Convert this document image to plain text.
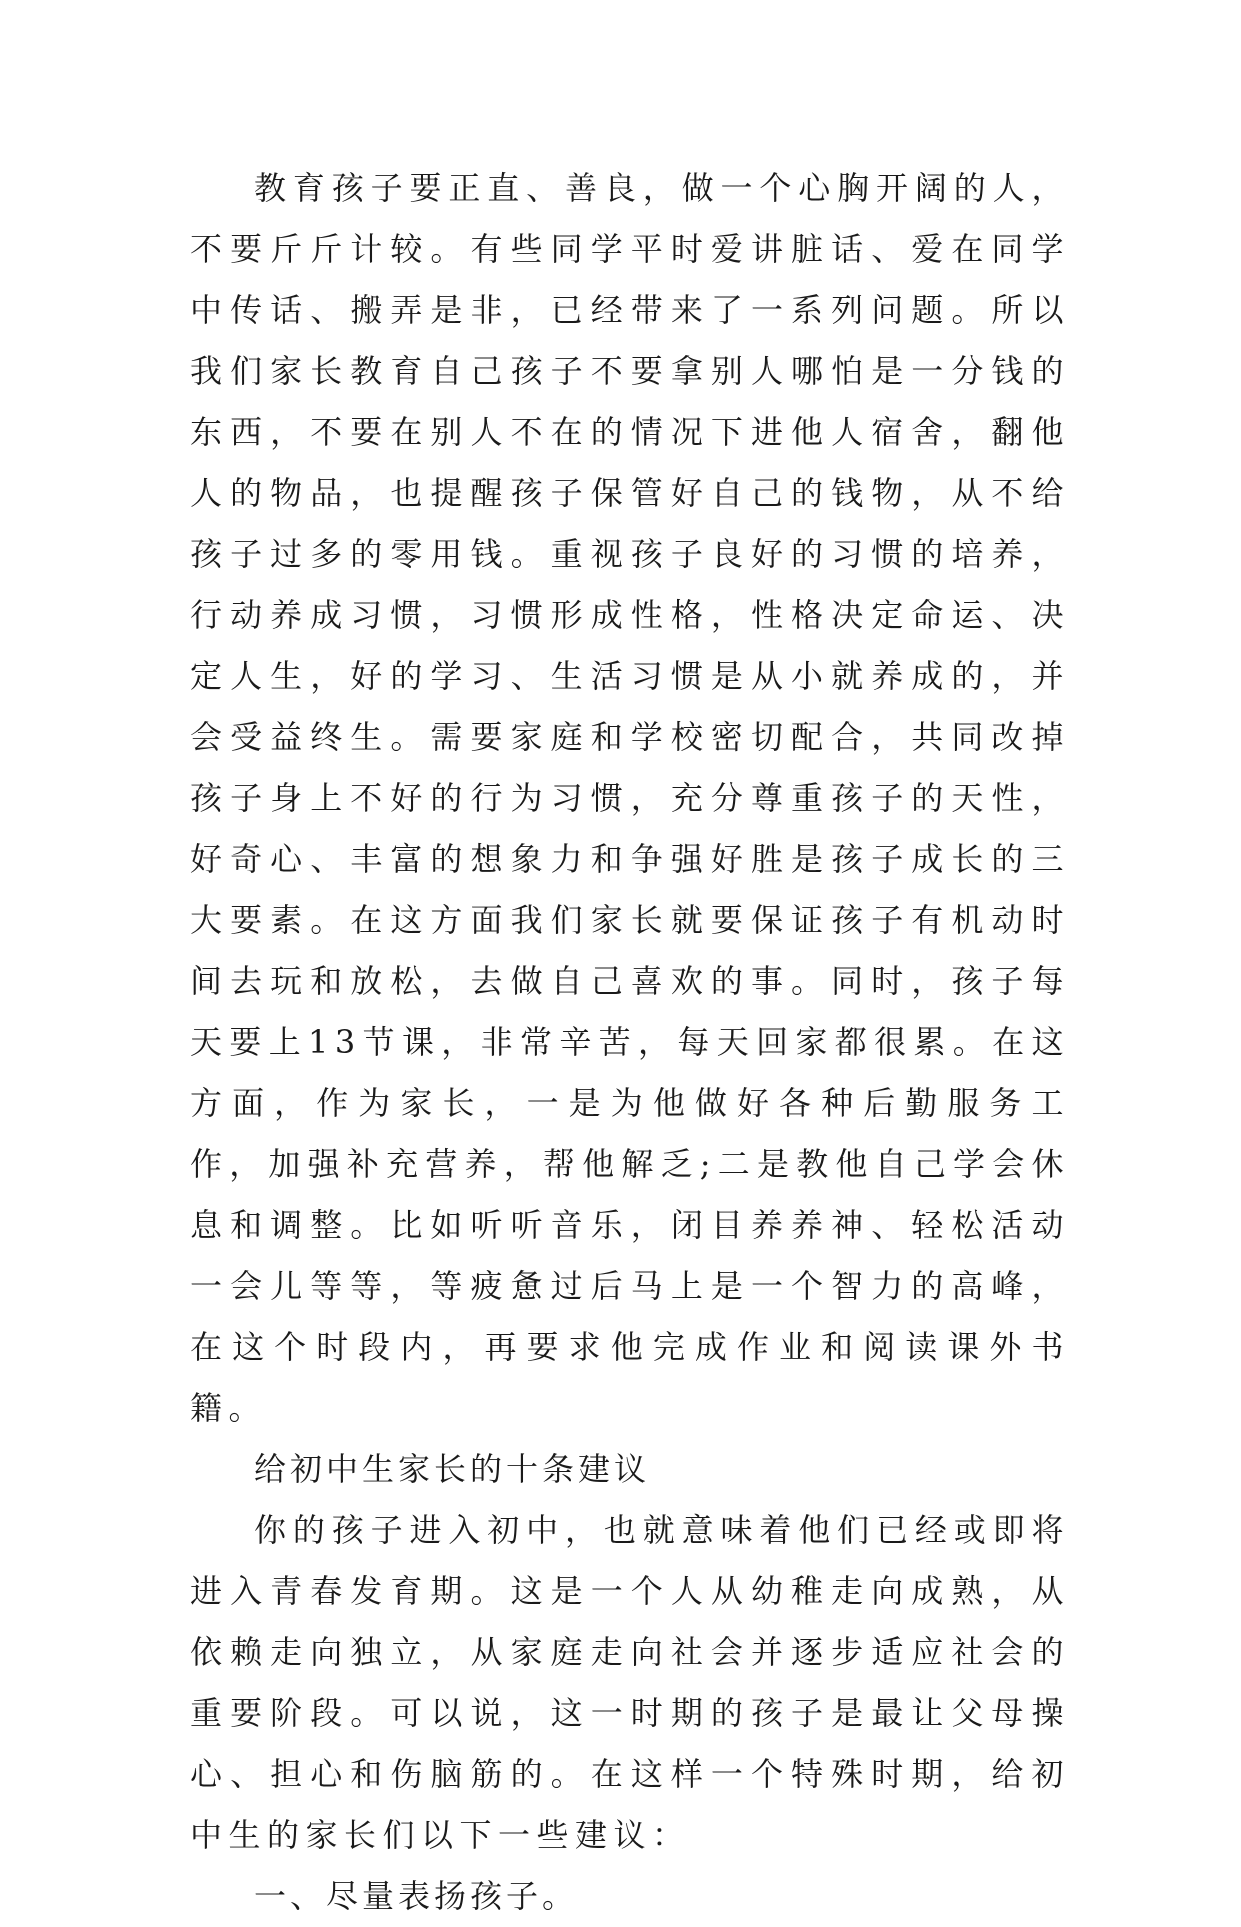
教育孩子要正直、善良，做一个心胸开阔的人，不要斤斤计较。有些同学平时爱讲脏话、爱在同学中传话、搬弄是非，已经带来了一系列问题。所以我们家长教育自己孩子不要拿别人哪怕是一分钱的东西，不要在别人不在的情况下进他人宿舍，翻他人的物品，也提醒孩子保管好自己的钱物，从不给孩子过多的零用钱。重视孩子良好的习惯的培养，行动养成习惯，习惯形成性格，性格决定命运、决定人生，好的学习、生活习惯是从小就养成的，并会受益终生。需要家庭和学校密切配合，共同改掉孩子身上不好的行为习惯，充分尊重孩子的天性，好奇心、丰富的想象力和争强好胜是孩子成长的三大要素。在这方面我们家长就要保证孩子有机动时间去玩和放松，去做自己喜欢的事。同时，孩子每天要上13节课，非常辛苦，每天回家都很累。在这方面，作为家长，一是为他做好各种后勤服务工作，加强补充营养，帮他解乏;二是教他自己学会休息和调整。比如听听音乐，闭目养养神、轻松活动一会儿等等，等疲惫过后马上是一个智力的高峰，在这个时段内，再要求他完成作业和阅读课外书籍。

给初中生家长的十条建议

你的孩子进入初中，也就意味着他们已经或即将进入青春发育期。这是一个人从幼稚走向成熟，从依赖走向独立，从家庭走向社会并逐步适应社会的重要阶段。可以说，这一时期的孩子是最让父母操心、担心和伤脑筋的。在这样一个特殊时期，给初中生的家长们以下一些建议：

一、尽量表扬孩子。
